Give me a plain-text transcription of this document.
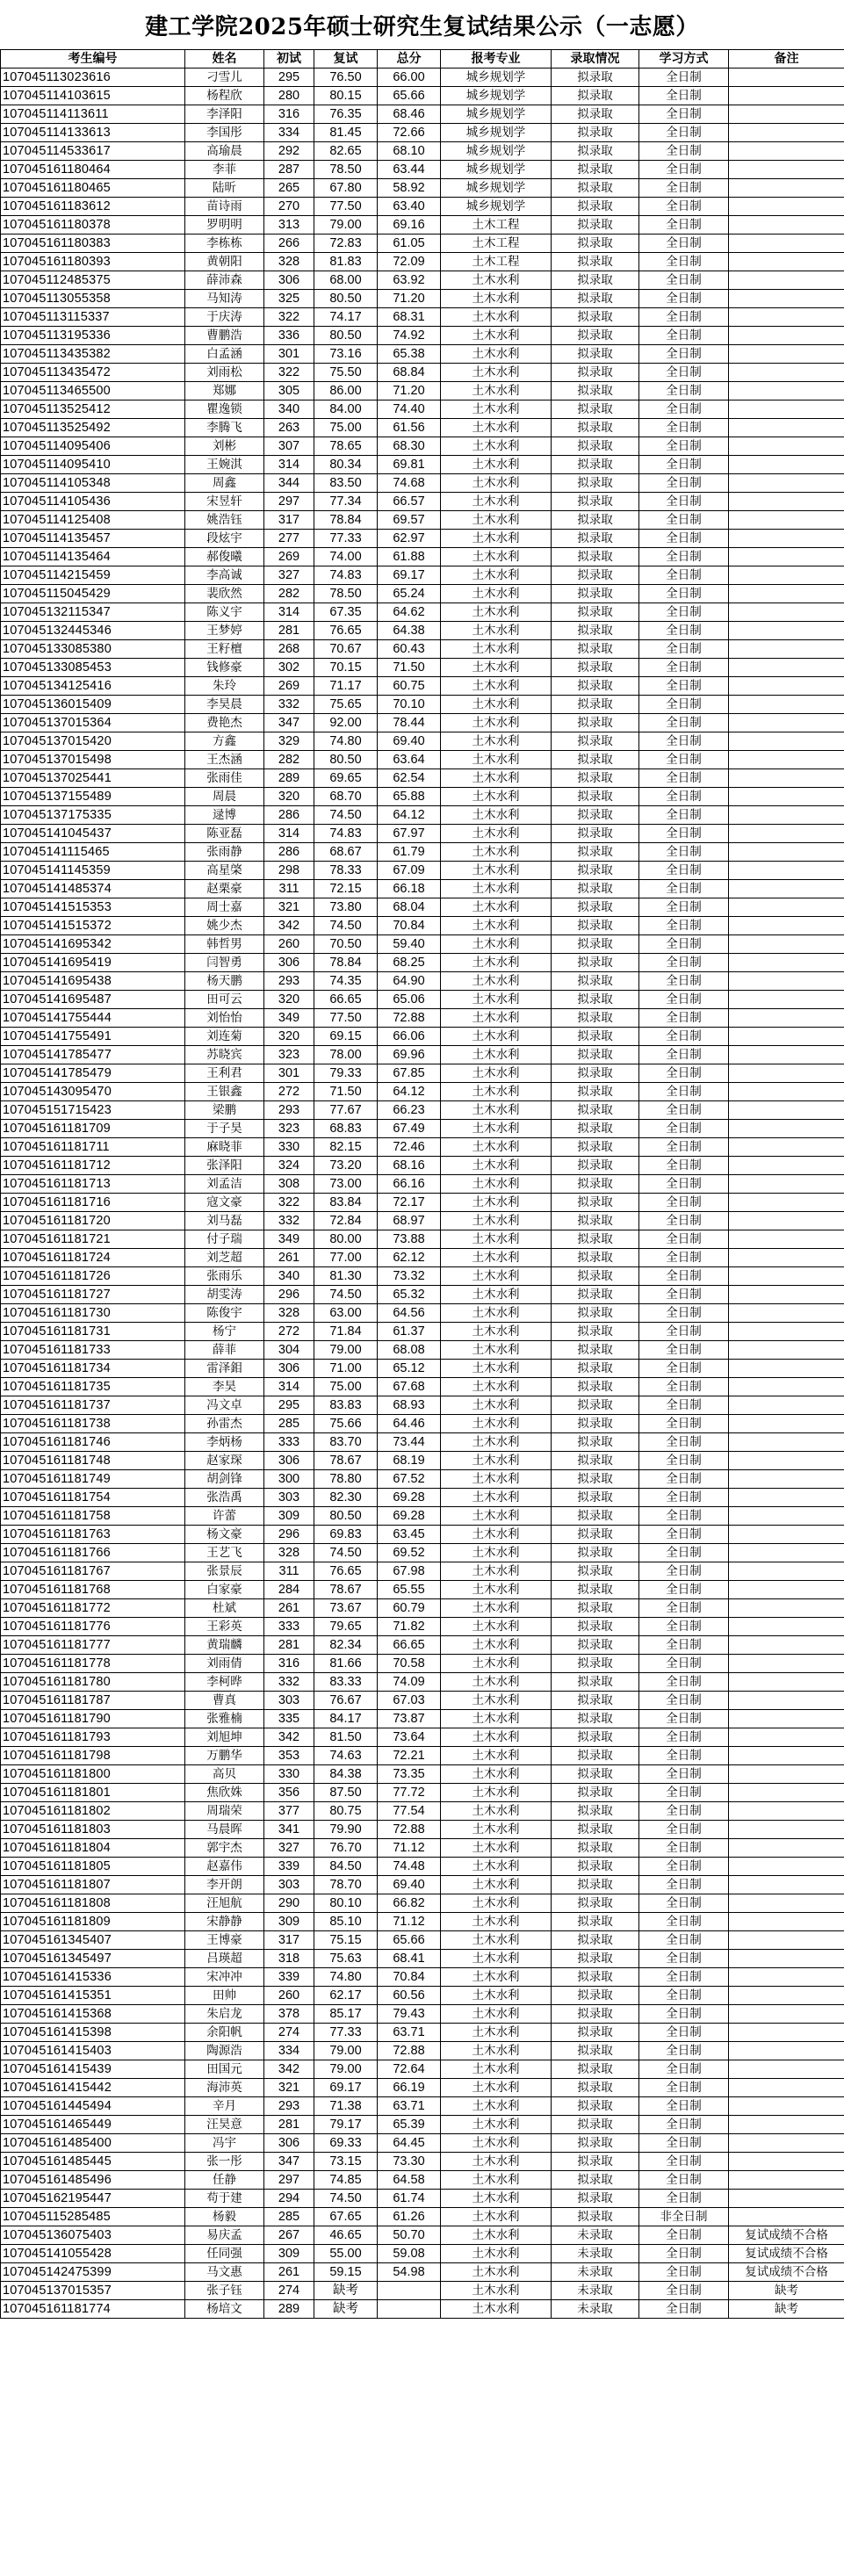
建工学院2025年硕士研究生复试结果公示（一志愿）
考生编号	姓名	初试	复试	总分	报考专业	录取情况	学习方式	备注
107045113023616	刁雪儿	295	76.50	66.00	城乡规划学	拟录取	全日制	
107045114103615	杨程欣	280	80.15	65.66	城乡规划学	拟录取	全日制	
107045114113611	李泽阳	316	76.35	68.46	城乡规划学	拟录取	全日制	
107045114133613	李国彤	334	81.45	72.66	城乡规划学	拟录取	全日制	
107045114533617	高瑜晨	292	82.65	68.10	城乡规划学	拟录取	全日制	
107045161180464	李菲	287	78.50	63.44	城乡规划学	拟录取	全日制	
107045161180465	陆昕	265	67.80	58.92	城乡规划学	拟录取	全日制	
107045161183612	苗诗雨	270	77.50	63.40	城乡规划学	拟录取	全日制	
107045161180378	罗明明	313	79.00	69.16	土木工程	拟录取	全日制	
107045161180383	李栋栋	266	72.83	61.05	土木工程	拟录取	全日制	
107045161180393	黄朝阳	328	81.83	72.09	土木工程	拟录取	全日制	
107045112485375	薛沛森	306	68.00	63.92	土木水利	拟录取	全日制	
107045113055358	马知涛	325	80.50	71.20	土木水利	拟录取	全日制	
107045113115337	于庆涛	322	74.17	68.31	土木水利	拟录取	全日制	
107045113195336	曹鹏浩	336	80.50	74.92	土木水利	拟录取	全日制	
107045113435382	白孟涵	301	73.16	65.38	土木水利	拟录取	全日制	
107045113435472	刘雨松	322	75.50	68.84	土木水利	拟录取	全日制	
107045113465500	郑娜	305	86.00	71.20	土木水利	拟录取	全日制	
107045113525412	瞿逸锁	340	84.00	74.40	土木水利	拟录取	全日制	
107045113525492	李腾飞	263	75.00	61.56	土木水利	拟录取	全日制	
107045114095406	刘彬	307	78.65	68.30	土木水利	拟录取	全日制	
107045114095410	王婉淇	314	80.34	69.81	土木水利	拟录取	全日制	
107045114105348	周鑫	344	83.50	74.68	土木水利	拟录取	全日制	
107045114105436	宋昱轩	297	77.34	66.57	土木水利	拟录取	全日制	
107045114125408	姚浩钰	317	78.84	69.57	土木水利	拟录取	全日制	
107045114135457	段炫宇	277	77.33	62.97	土木水利	拟录取	全日制	
107045114135464	郝俊曦	269	74.00	61.88	土木水利	拟录取	全日制	
107045114215459	李高诚	327	74.83	69.17	土木水利	拟录取	全日制	
107045115045429	裴欣然	282	78.50	65.24	土木水利	拟录取	全日制	
107045132115347	陈义宇	314	67.35	64.62	土木水利	拟录取	全日制	
107045132445346	王梦婷	281	76.65	64.38	土木水利	拟录取	全日制	
107045133085380	王籽檀	268	70.67	60.43	土木水利	拟录取	全日制	
107045133085453	钱修豪	302	70.15	71.50	土木水利	拟录取	全日制	
107045134125416	朱玲	269	71.17	60.75	土木水利	拟录取	全日制	
107045136015409	李昊晨	332	75.65	70.10	土木水利	拟录取	全日制	
107045137015364	费艳杰	347	92.00	78.44	土木水利	拟录取	全日制	
107045137015420	方鑫	329	74.80	69.40	土木水利	拟录取	全日制	
107045137015498	王杰涵	282	80.50	63.64	土木水利	拟录取	全日制	
107045137025441	张雨佳	289	69.65	62.54	土木水利	拟录取	全日制	
107045137155489	周晨	320	68.70	65.88	土木水利	拟录取	全日制	
107045137175335	逯博	286	74.50	64.12	土木水利	拟录取	全日制	
107045141045437	陈亚磊	314	74.83	67.97	土木水利	拟录取	全日制	
107045141115465	张雨静	286	68.67	61.79	土木水利	拟录取	全日制	
107045141145359	高星棨	298	78.33	67.09	土木水利	拟录取	全日制	
107045141485374	赵栗豪	311	72.15	66.18	土木水利	拟录取	全日制	
107045141515353	周士嘉	321	73.80	68.04	土木水利	拟录取	全日制	
107045141515372	姚少杰	342	74.50	70.84	土木水利	拟录取	全日制	
107045141695342	韩哲男	260	70.50	59.40	土木水利	拟录取	全日制	
107045141695419	闫智勇	306	78.84	68.25	土木水利	拟录取	全日制	
107045141695438	杨天鹏	293	74.35	64.90	土木水利	拟录取	全日制	
107045141695487	田可云	320	66.65	65.06	土木水利	拟录取	全日制	
107045141755444	刘怡怡	349	77.50	72.88	土木水利	拟录取	全日制	
107045141755491	刘连菊	320	69.15	66.06	土木水利	拟录取	全日制	
107045141785477	苏晓宾	323	78.00	69.96	土木水利	拟录取	全日制	
107045141785479	王利君	301	79.33	67.85	土木水利	拟录取	全日制	
107045143095470	王银鑫	272	71.50	64.12	土木水利	拟录取	全日制	
107045151715423	梁鹏	293	77.67	66.23	土木水利	拟录取	全日制	
107045161181709	于子昊	323	68.83	67.49	土木水利	拟录取	全日制	
107045161181711	麻晓菲	330	82.15	72.46	土木水利	拟录取	全日制	
107045161181712	张泽阳	324	73.20	68.16	土木水利	拟录取	全日制	
107045161181713	刘孟洁	308	73.00	66.16	土木水利	拟录取	全日制	
107045161181716	寇文豪	322	83.84	72.17	土木水利	拟录取	全日制	
107045161181720	刘马磊	332	72.84	68.97	土木水利	拟录取	全日制	
107045161181721	付子瑞	349	80.00	73.88	土木水利	拟录取	全日制	
107045161181724	刘芝超	261	77.00	62.12	土木水利	拟录取	全日制	
107045161181726	张雨乐	340	81.30	73.32	土木水利	拟录取	全日制	
107045161181727	胡雯涛	296	74.50	65.32	土木水利	拟录取	全日制	
107045161181730	陈俊宇	328	63.00	64.56	土木水利	拟录取	全日制	
107045161181731	杨宁	272	71.84	61.37	土木水利	拟录取	全日制	
107045161181733	薛菲	304	79.00	68.08	土木水利	拟录取	全日制	
107045161181734	雷泽鉬	306	71.00	65.12	土木水利	拟录取	全日制	
107045161181735	李昊	314	75.00	67.68	土木水利	拟录取	全日制	
107045161181737	冯文卓	295	83.83	68.93	土木水利	拟录取	全日制	
107045161181738	孙雷杰	285	75.66	64.46	土木水利	拟录取	全日制	
107045161181746	李炳杨	333	83.70	73.44	土木水利	拟录取	全日制	
107045161181748	赵家琛	306	78.67	68.19	土木水利	拟录取	全日制	
107045161181749	胡剑锋	300	78.80	67.52	土木水利	拟录取	全日制	
107045161181754	张浩禹	303	82.30	69.28	土木水利	拟录取	全日制	
107045161181758	许蕾	309	80.50	69.28	土木水利	拟录取	全日制	
107045161181763	杨文豪	296	69.83	63.45	土木水利	拟录取	全日制	
107045161181766	王艺飞	328	74.50	69.52	土木水利	拟录取	全日制	
107045161181767	张景辰	311	76.65	67.98	土木水利	拟录取	全日制	
107045161181768	白家豪	284	78.67	65.55	土木水利	拟录取	全日制	
107045161181772	杜斌	261	73.67	60.79	土木水利	拟录取	全日制	
107045161181776	王彩英	333	79.65	71.82	土木水利	拟录取	全日制	
107045161181777	黄瑞麟	281	82.34	66.65	土木水利	拟录取	全日制	
107045161181778	刘雨倩	316	81.66	70.58	土木水利	拟录取	全日制	
107045161181780	李柯晔	332	83.33	74.09	土木水利	拟录取	全日制	
107045161181787	曹真	303	76.67	67.03	土木水利	拟录取	全日制	
107045161181790	张雅楠	335	84.17	73.87	土木水利	拟录取	全日制	
107045161181793	刘旭坤	342	81.50	73.64	土木水利	拟录取	全日制	
107045161181798	万鹏华	353	74.63	72.21	土木水利	拟录取	全日制	
107045161181800	高贝	330	84.38	73.35	土木水利	拟录取	全日制	
107045161181801	焦欣姝	356	87.50	77.72	土木水利	拟录取	全日制	
107045161181802	周瑞荣	377	80.75	77.54	土木水利	拟录取	全日制	
107045161181803	马晨晖	341	79.90	72.88	土木水利	拟录取	全日制	
107045161181804	郭宇杰	327	76.70	71.12	土木水利	拟录取	全日制	
107045161181805	赵嘉伟	339	84.50	74.48	土木水利	拟录取	全日制	
107045161181807	李开朗	303	78.70	69.40	土木水利	拟录取	全日制	
107045161181808	汪旭航	290	80.10	66.82	土木水利	拟录取	全日制	
107045161181809	宋静静	309	85.10	71.12	土木水利	拟录取	全日制	
107045161345407	王博豪	317	75.15	65.66	土木水利	拟录取	全日制	
107045161345497	吕瑛超	318	75.63	68.41	土木水利	拟录取	全日制	
107045161415336	宋冲冲	339	74.80	70.84	土木水利	拟录取	全日制	
107045161415351	田帅	260	62.17	60.56	土木水利	拟录取	全日制	
107045161415368	朱启龙	378	85.17	79.43	土木水利	拟录取	全日制	
107045161415398	余阳帆	274	77.33	63.71	土木水利	拟录取	全日制	
107045161415403	陶源浩	334	79.00	72.88	土木水利	拟录取	全日制	
107045161415439	田国元	342	79.00	72.64	土木水利	拟录取	全日制	
107045161415442	海沛英	321	69.17	66.19	土木水利	拟录取	全日制	
107045161445494	辛月	293	71.38	63.71	土木水利	拟录取	全日制	
107045161465449	汪昊意	281	79.17	65.39	土木水利	拟录取	全日制	
107045161485400	冯宇	306	69.33	64.45	土木水利	拟录取	全日制	
107045161485445	张一彤	347	73.15	73.30	土木水利	拟录取	全日制	
107045161485496	任静	297	74.85	64.58	土木水利	拟录取	全日制	
107045162195447	苟于建	294	74.50	61.74	土木水利	拟录取	全日制	
107045115285485	杨毅	285	67.65	61.26	土木水利	拟录取	非全日制	
107045136075403	易庆孟	267	46.65	50.70	土木水利	未录取	全日制	复试成绩不合格
107045141055428	任同强	309	55.00	59.08	土木水利	未录取	全日制	复试成绩不合格
107045142475399	马文惠	261	59.15	54.98	土木水利	未录取	全日制	复试成绩不合格
107045137015357	张子钰	274	缺考		土木水利	未录取	全日制	缺考
107045161181774	杨培文	289	缺考		土木水利	未录取	全日制	缺考
